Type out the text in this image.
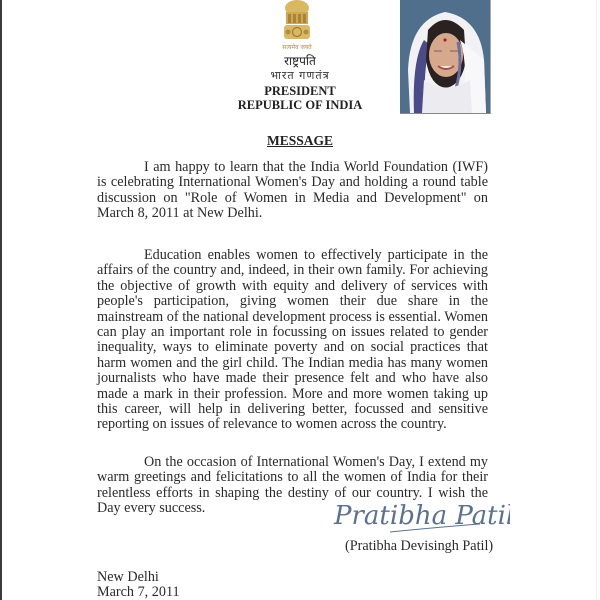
सत्यमेव जयते
राष्ट्रपति
भारत गणतंत्र
PRESIDENT
REPUBLIC OF INDIA
MESSAGE

I am happy to learn that the India World Foundation (IWF) is celebrating International Women's Day and holding a round table discussion on "Role of Women in Media and Development" on March 8, 2011 at New Delhi.

Education enables women to effectively participate in the affairs of the country and, indeed, in their own family. For achieving the objective of growth with equity and delivery of services with people's participation, giving women their due share in the mainstream of the national development process is essential. Women can play an important role in focussing on issues related to gender inequality, ways to eliminate poverty and on social practices that harm women and the girl child. The Indian media has many women journalists who have made their presence felt and who have also made a mark in their profession. More and more women taking up this career, will help in delivering better, focussed and sensitive reporting on issues of relevance to women across the country.

On the occasion of International Women's Day, I extend my warm greetings and felicitations to all the women of India for their relentless efforts in shaping the destiny of our country. I wish the Day every success.	Pratibha Patil
(Pratibha Devisingh Patil)
New Delhi
March 7, 2011
